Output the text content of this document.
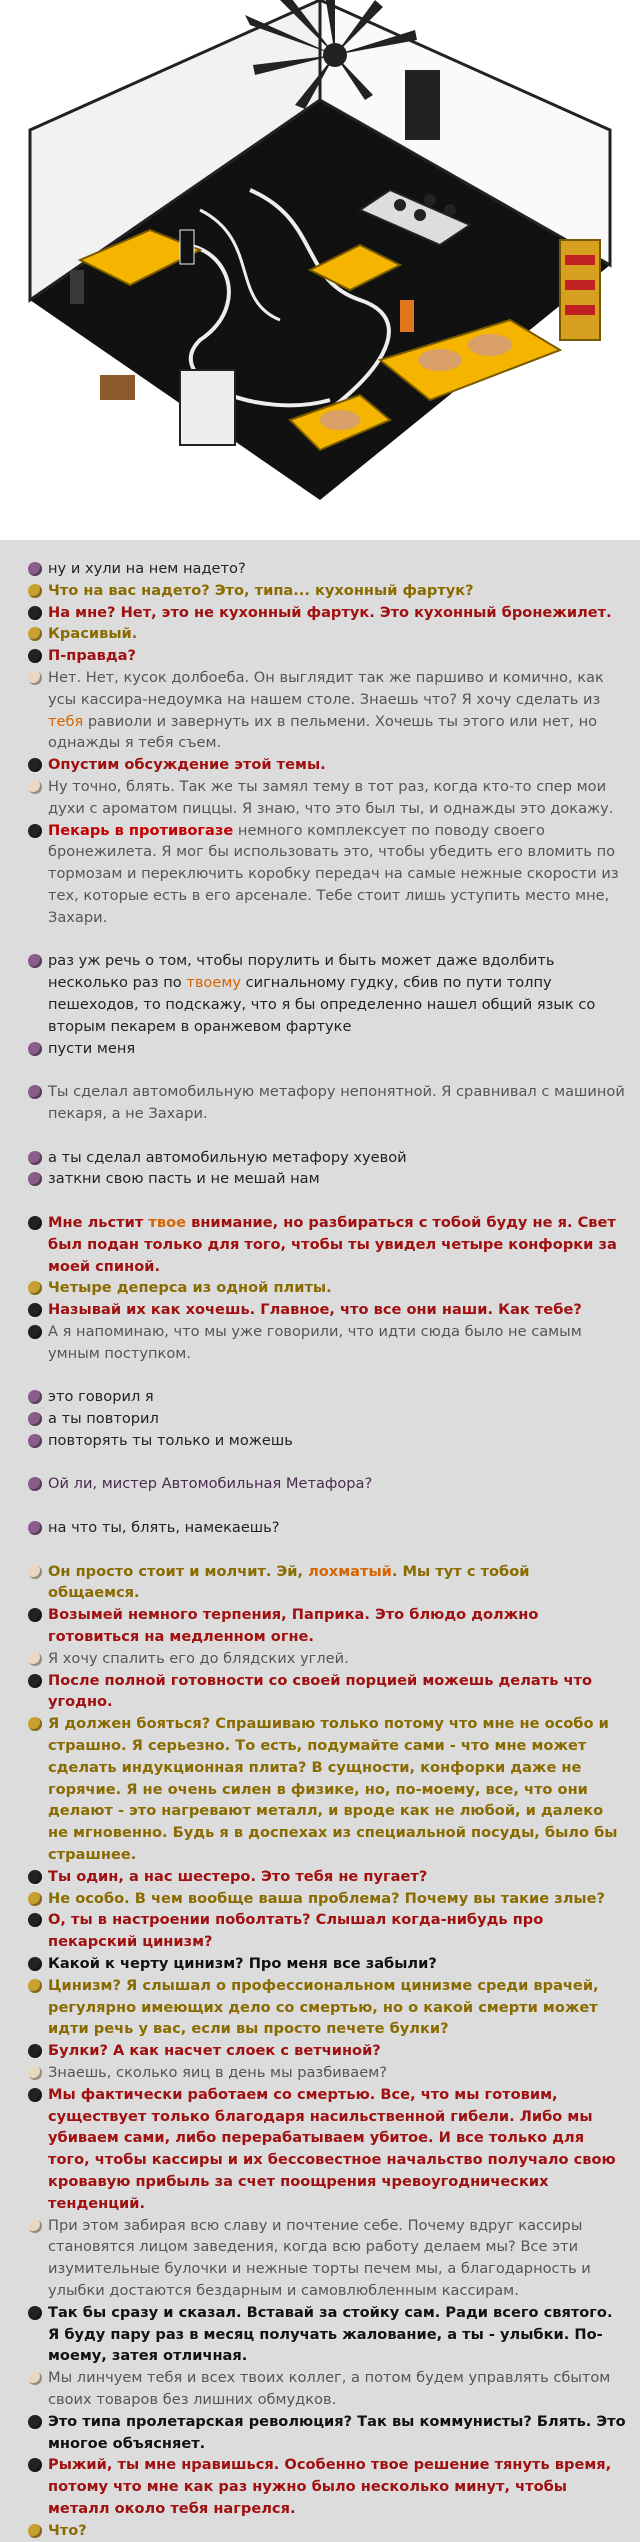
ну и хули на нем надето?
Что на вас надето? Это, типа... кухонный фартук?
На мне? Нет, это не кухонный фартук. Это кухонный бронежилет.
Красивый.
П-правда?
Нет. Нет, кусок долбоеба. Он выглядит так же паршиво и комично, как усы кассира-недоумка на нашем столе. Знаешь что? Я хочу сделать из тебя равиоли и завернуть их в пельмени. Хочешь ты этого или нет, но однажды я тебя съем.
Опустим обсуждение этой темы.
Ну точно, блять. Так же ты замял тему в тот раз, когда кто-то спер мои духи с ароматом пиццы. Я знаю, что это был ты, и однажды это докажу.
Пекарь в противогазе немного комплексует по поводу своего бронежилета. Я мог бы использовать это, чтобы убедить его вломить по тормозам и переключить коробку передач на самые нежные скорости из тех, которые есть в его арсенале. Тебе стоит лишь уступить место мне, Захари.
раз уж речь о том, чтобы порулить и быть может даже вдолбить несколько раз по твоему сигнальному гудку, сбив по пути толпу пешеходов, то подскажу, что я бы определенно нашел общий язык со вторым пекарем в оранжевом фартуке
пусти меня
Ты сделал автомобильную метафору непонятной. Я сравнивал с машиной пекаря, а не Захари.
а ты сделал автомобильную метафору хуевой
заткни свою пасть и не мешай нам
Мне льстит твое внимание, но разбираться с тобой буду не я. Свет был подан только для того, чтобы ты увидел четыре конфорки за моей спиной.
Четыре деперса из одной плиты.
Называй их как хочешь. Главное, что все они наши. Как тебе?
А я напоминаю, что мы уже говорили, что идти сюда было не самым умным поступком.
это говорил я
а ты повторил
повторять ты только и можешь
Ой ли, мистер Автомобильная Метафора?
на что ты, блять, намекаешь?
Он просто стоит и молчит. Эй, лохматый. Мы тут с тобой общаемся.
Возымей немного терпения, Паприка. Это блюдо должно готовиться на медленном огне.
Я хочу спалить его до блядских углей.
После полной готовности со своей порцией можешь делать что угодно.
Я должен бояться? Спрашиваю только потому что мне не особо и страшно. Я серьезно. То есть, подумайте сами - что мне может сделать индукционная плита? В сущности, конфорки даже не горячие. Я не очень силен в физике, но, по-моему, все, что они делают - это нагревают металл, и вроде как не любой, и далеко не мгновенно. Будь я в доспехах из специальной посуды, было бы страшнее.
Ты один, а нас шестеро. Это тебя не пугает?
Не особо. В чем вообще ваша проблема? Почему вы такие злые?
О, ты в настроении поболтать? Слышал когда-нибудь про пекарский цинизм?
Какой к черту цинизм? Про меня все забыли?
Цинизм? Я слышал о профессиональном цинизме среди врачей, регулярно имеющих дело со смертью, но о какой смерти может идти речь у вас, если вы просто печете булки?
Булки? А как насчет слоек с ветчиной?
Знаешь, сколько яиц в день мы разбиваем?
Мы фактически работаем со смертью. Все, что мы готовим, существует только благодаря насильственной гибели. Либо мы убиваем сами, либо перерабатываем убитое. И все только для того, чтобы кассиры и их бессовестное начальство получало свою кровавую прибыль за счет поощрения чревоугоднических тенденций.
При этом забирая всю славу и почтение себе. Почему вдруг кассиры становятся лицом заведения, когда всю работу делаем мы? Все эти изумительные булочки и нежные торты печем мы, а благодарность и улыбки достаются бездарным и самовлюбленным кассирам.
Так бы сразу и сказал. Вставай за стойку сам. Ради всего святого. Я буду пару раз в месяц получать жалование, а ты - улыбки. По-моему, затея отличная.
Мы линчуем тебя и всех твоих коллег, а потом будем управлять сбытом своих товаров без лишних обмудков.
Это типа пролетарская революция? Так вы коммунисты? Блять. Это многое объясняет.
Рыжий, ты мне нравишься. Особенно твое решение тянуть время, потому что мне как раз нужно было несколько минут, чтобы металл около тебя нагрелся.
Что?
